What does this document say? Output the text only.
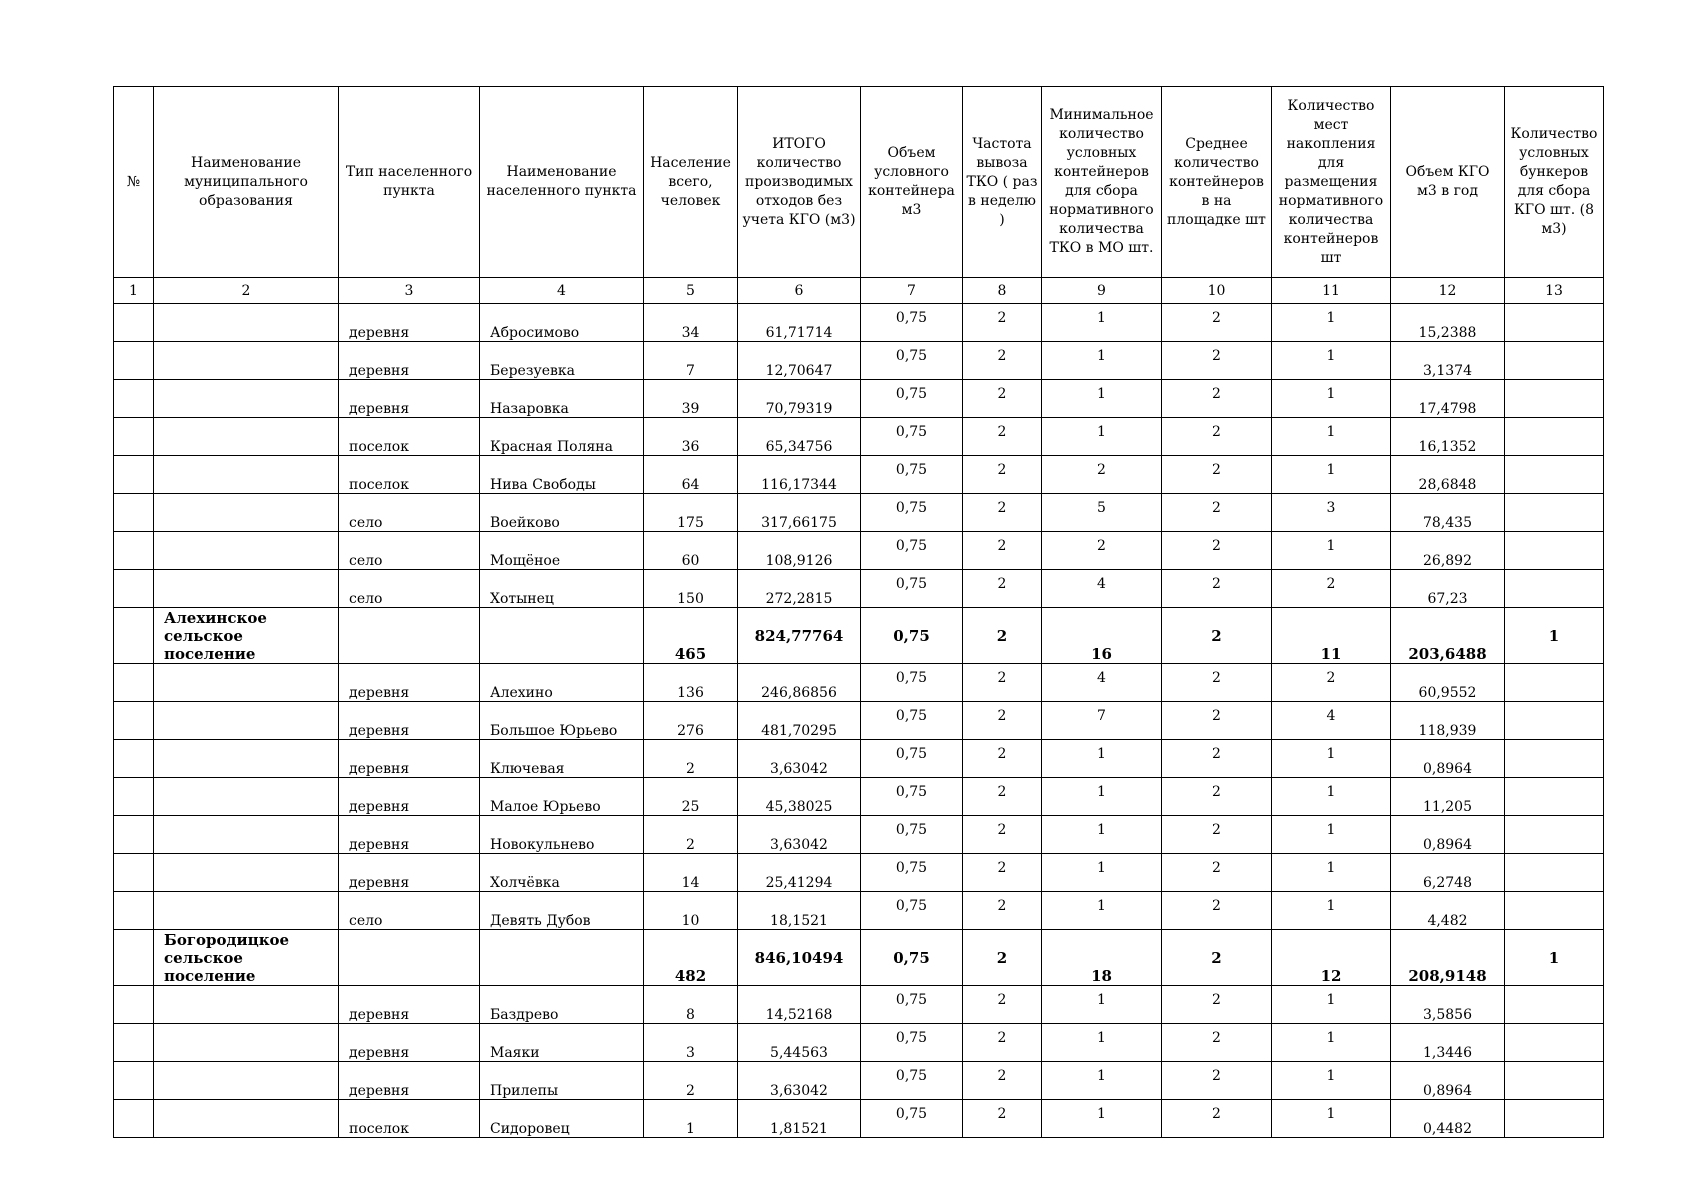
№	Наименование муниципального образования	Тип населенного пункта	Наименование населенного пункта	Население всего, человек	ИТОГО количество производимых отходов без учета КГО (м3)	Объем условного контейнера м3	Частота вывоза ТКО ( раз в неделю )	Минимальное количество условных контейнеров для сбора нормативного количества ТКО в МО шт.	Среднее количество контейнеров в на площадке шт	Количество мест накопления для размещения нормативного количества контейнеров шт	Объем КГО м3 в год	Количество условных бункеров для сбора КГО шт. (8 м3)
1	2	3	4	5	6	7	8	9	10	11	12	13
		деревня	Абросимово	34	61,71714	0,75	2	1	2	1	15,2388	
		деревня	Березуевка	7	12,70647	0,75	2	1	2	1	3,1374	
		деревня	Назаровка	39	70,79319	0,75	2	1	2	1	17,4798	
		поселок	Красная Поляна	36	65,34756	0,75	2	1	2	1	16,1352	
		поселок	Нива Свободы	64	116,17344	0,75	2	2	2	1	28,6848	
		село	Воейково	175	317,66175	0,75	2	5	2	3	78,435	
		село	Мощёное	60	108,9126	0,75	2	2	2	1	26,892	
		село	Хотынец	150	272,2815	0,75	2	4	2	2	67,23	
	Алехинское сельское поселение			465	824,77764	0,75	2	16	2	11	203,6488	1
		деревня	Алехино	136	246,86856	0,75	2	4	2	2	60,9552	
		деревня	Большое Юрьево	276	481,70295	0,75	2	7	2	4	118,939	
		деревня	Ключевая	2	3,63042	0,75	2	1	2	1	0,8964	
		деревня	Малое Юрьево	25	45,38025	0,75	2	1	2	1	11,205	
		деревня	Новокульнево	2	3,63042	0,75	2	1	2	1	0,8964	
		деревня	Холчёвка	14	25,41294	0,75	2	1	2	1	6,2748	
		село	Девять Дубов	10	18,1521	0,75	2	1	2	1	4,482	
	Богородицкое сельское поселение			482	846,10494	0,75	2	18	2	12	208,9148	1
		деревня	Баздрево	8	14,52168	0,75	2	1	2	1	3,5856	
		деревня	Маяки	3	5,44563	0,75	2	1	2	1	1,3446	
		деревня	Прилепы	2	3,63042	0,75	2	1	2	1	0,8964	
		поселок	Сидоровец	1	1,81521	0,75	2	1	2	1	0,4482	
